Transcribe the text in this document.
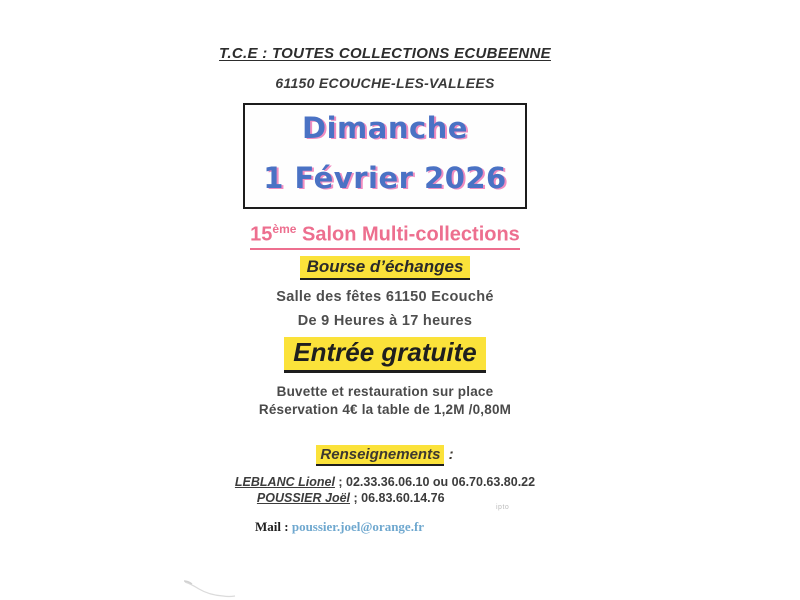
T.C.E : TOUTES COLLECTIONS ECUBEENNE
61150 ECOUCHE-LES-VALLEES
Dimanche
1 Février 2026
15ème Salon Multi-collections
Bourse d’échanges
Salle des fêtes 61150 Ecouché
De 9 Heures à 17 heures
Entrée gratuite
Buvette et restauration sur place
Réservation 4€ la table de 1,2M /0,80M
Renseignements :
LEBLANC Lionel ; 02.33.36.06.10 ou 06.70.63.80.22
POUSSIER Joël ; 06.83.60.14.76
Mail : poussier.joel@orange.fr
ipto
